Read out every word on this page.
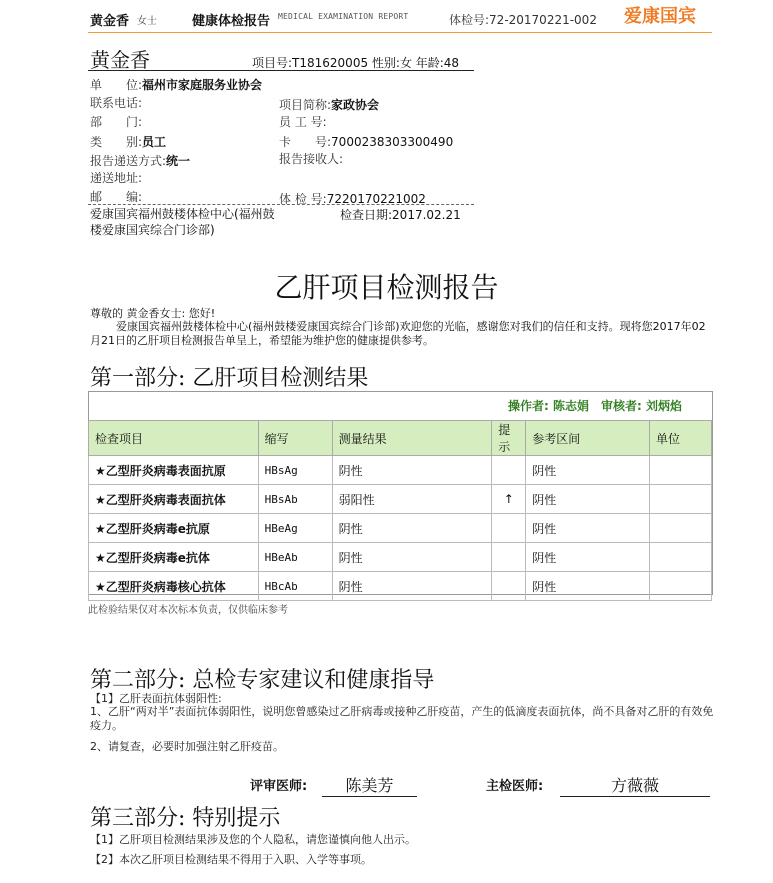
黄金香 女士	健康体检报告 MEDICAL EXAMINATION REPORT	体检号:72-20170221-002 爱康国宾
黄金香	项目号:T181620005 性别:女 年龄:48
单　　位:福州市家庭服务业协会
联系电话:	项目简称:家政协会
部　　门:	员 工 号:
类　　别:员工	卡　　号:7000238303300490
报告递送方式:统一	报告接收人:
递送地址:
邮　　编:	体 检 号:7220170221002
爱康国宾福州鼓楼体检中心(福州鼓楼爱康国宾综合门诊部)
检查日期:2017.02.21
乙肝项目检测报告
尊敬的 黄金香女士: 您好!
爱康国宾福州鼓楼体检中心(福州鼓楼爱康国宾综合门诊部)欢迎您的光临，感谢您对我们的信任和支持。现将您2017年02月21日的乙肝项目检测报告单呈上，希望能为维护您的健康提供参考。
第一部分: 乙肝项目检测结果
操作者: 陈志娟　审核者: 刘炳焰
检查项目	缩写	测量结果	提示	参考区间	单位
★乙型肝炎病毒表面抗原	HBsAg	阴性		阴性	
★乙型肝炎病毒表面抗体	HBsAb	弱阳性	↑	阴性	
★乙型肝炎病毒e抗原	HBeAg	阴性		阴性	
★乙型肝炎病毒e抗体	HBeAb	阴性		阴性	
★乙型肝炎病毒核心抗体	HBcAb	阴性		阴性	
此检验结果仅对本次标本负责，仅供临床参考
第二部分: 总检专家建议和健康指导
【1】乙肝表面抗体弱阳性:
1、乙肝“两对半”表面抗体弱阳性，说明您曾感染过乙肝病毒或接种乙肝疫苗，产生的低滴度表面抗体，尚不具备对乙肝的有效免疫力。
2、请复查，必要时加强注射乙肝疫苗。
评审医师:	陈美芳	主检医师:	方薇薇
第三部分: 特别提示
【1】乙肝项目检测结果涉及您的个人隐私，请您谨慎向他人出示。
【2】本次乙肝项目检测结果不得用于入职、入学等事项。
